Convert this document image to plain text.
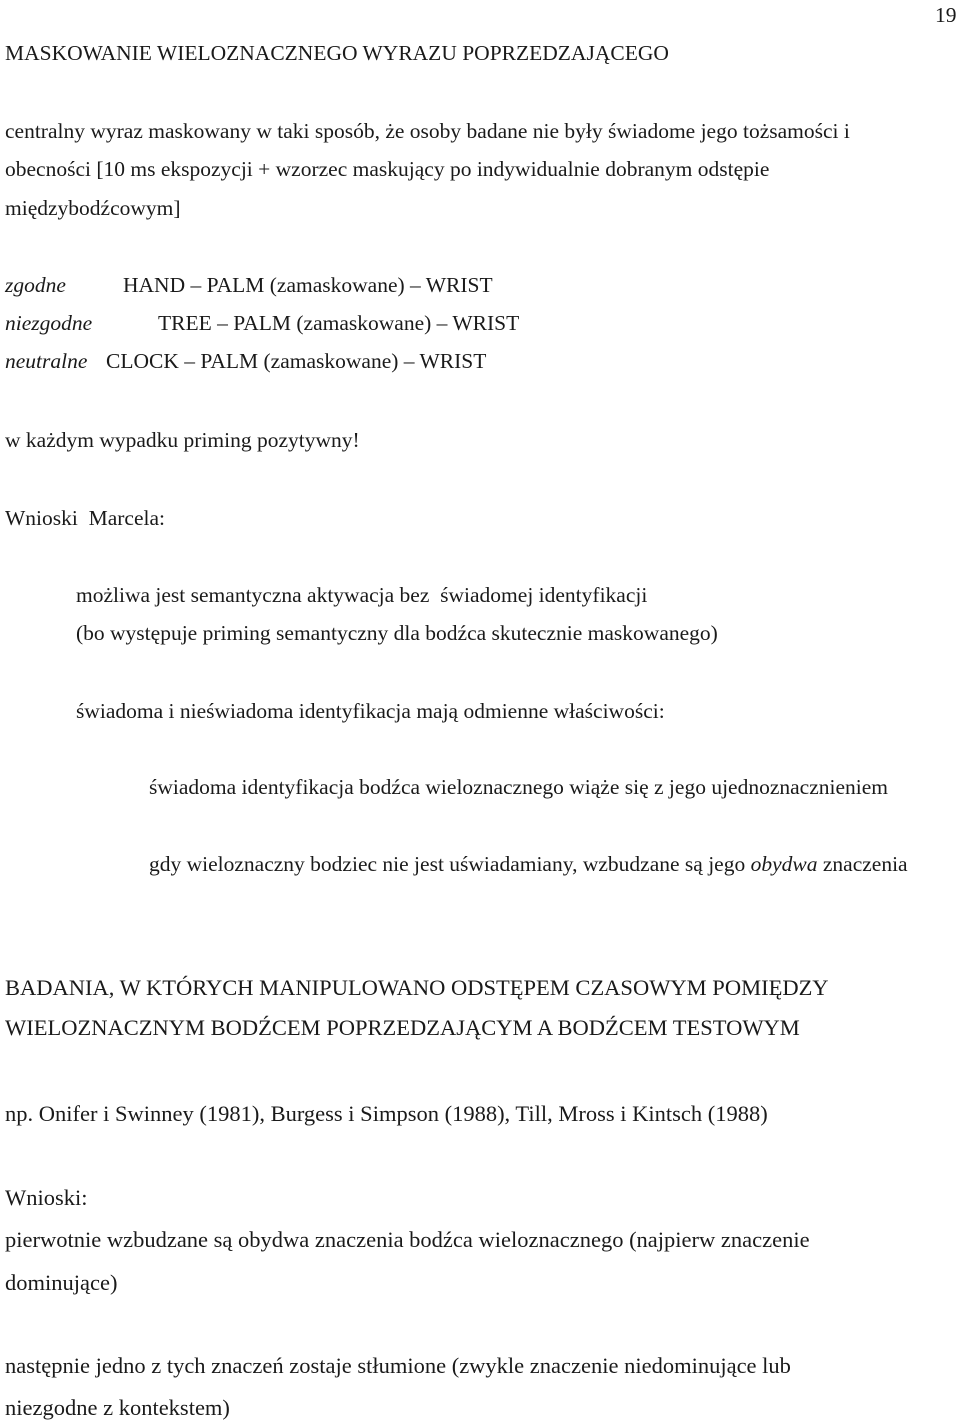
19
MASKOWANIE WIELOZNACZNEGO WYRAZU POPRZEDZAJĄCEGO
centralny wyraz maskowany w taki sposób, że osoby badane nie były świadome jego tożsamości i
obecności [10 ms ekspozycji + wzorzec maskujący po indywidualnie dobranym odstępie
międzybodźcowym]
zgodne	HAND – PALM (zamaskowane) – WRIST
niezgodne	TREE – PALM (zamaskowane) – WRIST
neutralne CLOCK – PALM (zamaskowane) – WRIST
w każdym wypadku priming pozytywny!
Wnioski  Marcela:
możliwa jest semantyczna aktywacja bez  świadomej identyfikacji
(bo występuje priming semantyczny dla bodźca skutecznie maskowanego)
świadoma i nieświadoma identyfikacja mają odmienne właściwości:
świadoma identyfikacja bodźca wieloznacznego wiąże się z jego ujednoznacznieniem
gdy wieloznaczny bodziec nie jest uświadamiany, wzbudzane są jego obydwa znaczenia
BADANIA, W KTÓRYCH MANIPULOWANO ODSTĘPEM CZASOWYM POMIĘDZY
WIELOZNACZNYM BODŹCEM POPRZEDZAJĄCYM A BODŹCEM TESTOWYM
np. Onifer i Swinney (1981), Burgess i Simpson (1988), Till, Mross i Kintsch (1988)
Wnioski:
pierwotnie wzbudzane są obydwa znaczenia bodźca wieloznacznego (najpierw znaczenie
dominujące)
następnie jedno z tych znaczeń zostaje stłumione (zwykle znaczenie niedominujące lub
niezgodne z kontekstem)
